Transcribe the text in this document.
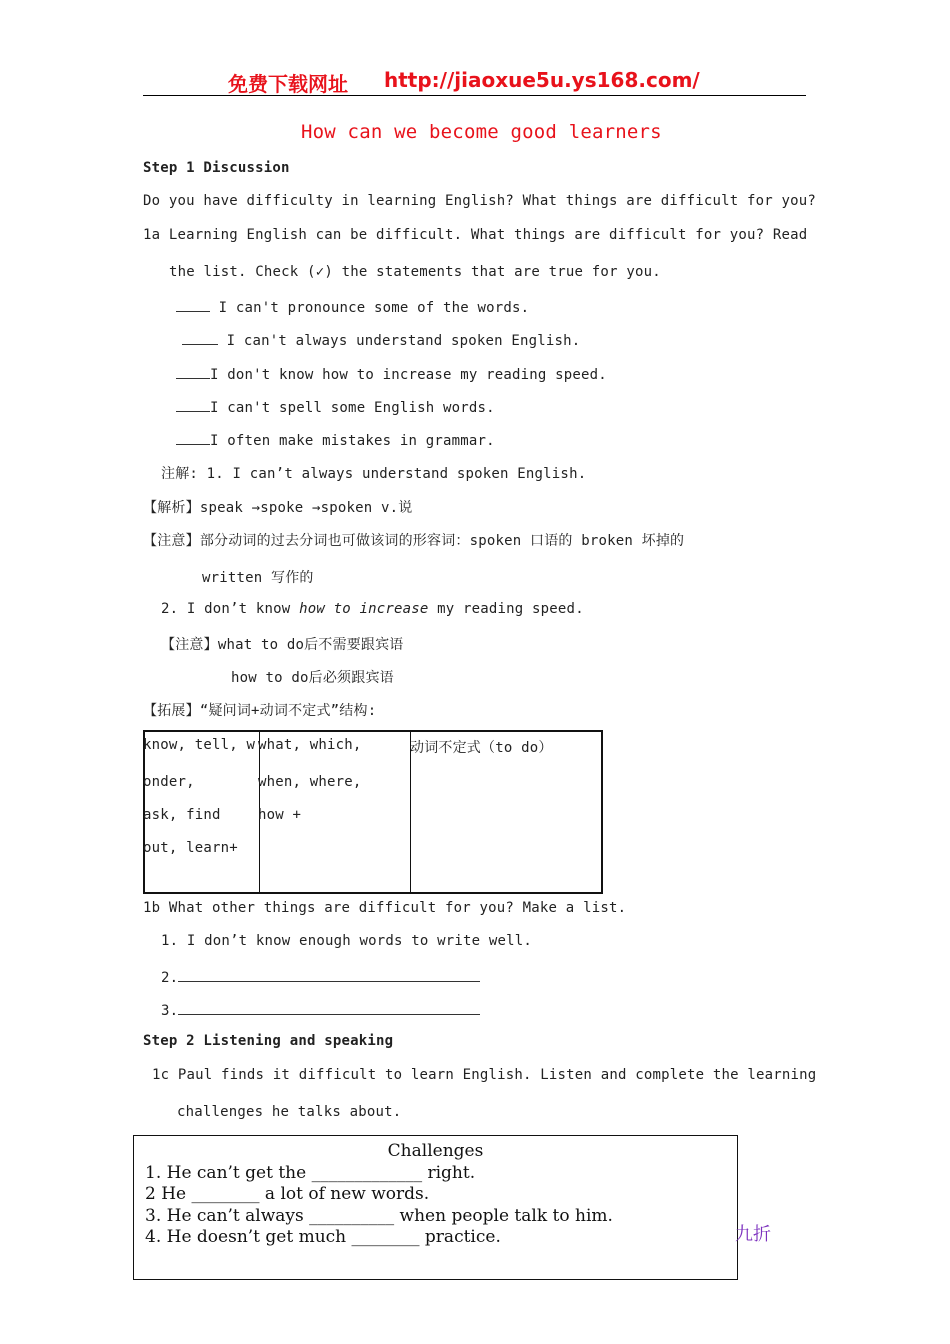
免费下载网址 http://jiaoxue5u.ys168.com/
How can we become good learners
Step 1 Discussion
Do you have difficulty in learning English? What things are difficult for you?
1a Learning English can be difficult. What things are difficult for you? Read
the list. Check (✓) the statements that are true for you.
I can't pronounce some of the words.
I can't always understand spoken English.
I don't know how to increase my reading speed.
I can't spell some English words.
I often make mistakes in grammar.
注解: 1. I can’t always understand spoken English.
【解析】speak →spoke →spoken v.说
【注意】部分动词的过去分词也可做该词的形容词：spoken 口语的 broken 坏掉的
written 写作的
2. I don’t know how to increase my reading speed.
【注意】what to do后不需要跟宾语
how to do后必须跟宾语
【拓展】“疑问词+动词不定式”结构:
know, tell, w
onder,
ask, find
out, learn+
what, which,
when, where,
how +
动词不定式（to do）
1b What other things are difficult for you? Make a list.
1. I don’t know enough words to write well.
2.
3.
Step 2 Listening and speaking
1c Paul finds it difficult to learn English. Listen and complete the learning
challenges he talks about.
Challenges
1. He can’t get the _____________ right.
2 He ________ a lot of new words.
3. He can’t always __________ when people talk to him.
4. He doesn’t get much ________ practice.	九折
